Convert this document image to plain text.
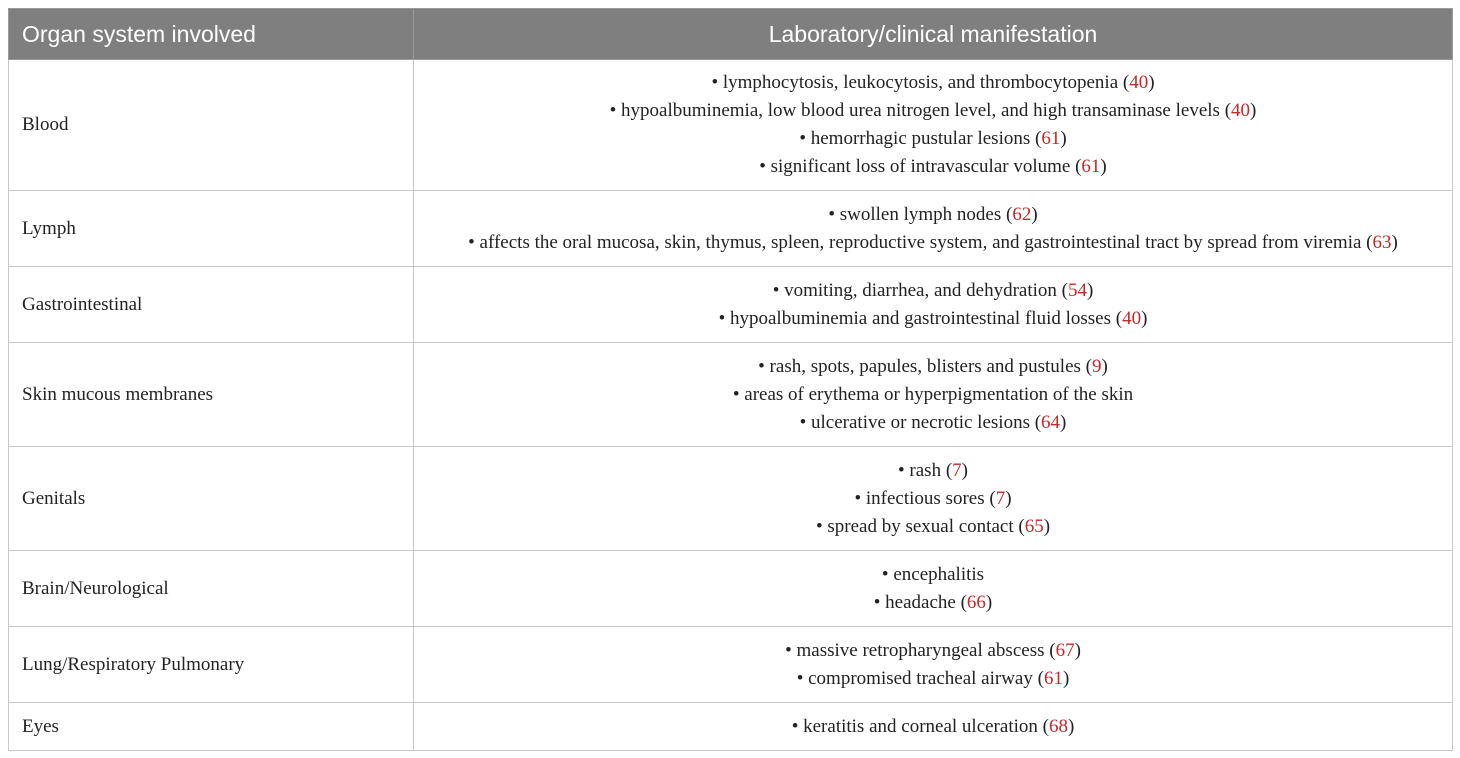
Organ system involved	Laboratory/clinical manifestation
Blood	• lymphocytosis, leukocytosis, and thrombocytopenia (40)
• hypoalbuminemia, low blood urea nitrogen level, and high transaminase levels (40)
• hemorrhagic pustular lesions (61)
• significant loss of intravascular volume (61)

Lymph	• swollen lymph nodes (62)
• affects the oral mucosa, skin, thymus, spleen, reproductive system, and gastrointestinal tract by spread from viremia (63)

Gastrointestinal	• vomiting, diarrhea, and dehydration (54)
• hypoalbuminemia and gastrointestinal fluid losses (40)

Skin mucous membranes	• rash, spots, papules, blisters and pustules (9)
• areas of erythema or hyperpigmentation of the skin
• ulcerative or necrotic lesions (64)

Genitals	• rash (7)
• infectious sores (7)
• spread by sexual contact (65)

Brain/Neurological	• encephalitis
• headache (66)

Lung/Respiratory Pulmonary	• massive retropharyngeal abscess (67)
• compromised tracheal airway (61)

Eyes	• keratitis and corneal ulceration (68)
